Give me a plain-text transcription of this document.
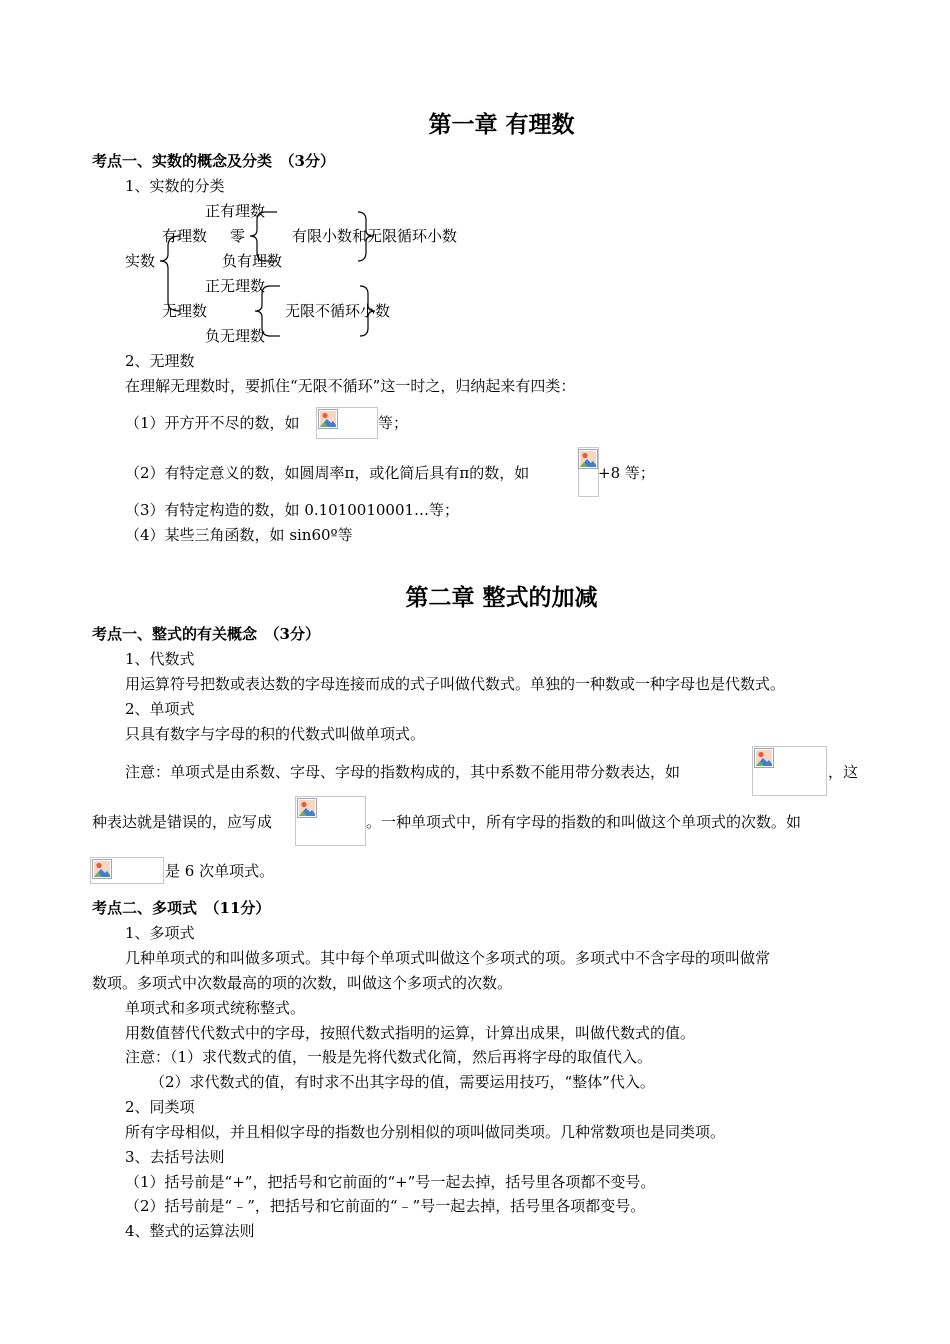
第一章 有理数
考点一、实数的概念及分类　（3分）
1、实数的分类
实数
有理数
正有理数
零
负有理数
有限小数和无限循环小数
正无理数
无理数	无限不循环小数
负无理数
2、无理数
在理解无理数时，要抓住“无限不循环”这一时之，归纳起来有四类：
（1）开方开不尽的数，如	等；
（2）有特定意义的数，如圆周率π，或化简后具有π的数，如	+8 等；
（3）有特定构造的数，如 0.1010010001…等；
（4）某些三角函数，如 sin60º等
第二章 整式的加减
考点一、整式的有关概念　（3分）
1、代数式
用运算符号把数或表达数的字母连接而成的式子叫做代数式。单独的一种数或一种字母也是代数式。
2、单项式
只具有数字与字母的积的代数式叫做单项式。
注意：单项式是由系数、字母、字母的指数构成的，其中系数不能用带分数表达，如	，这
种表达就是错误的，应写成	。一种单项式中，所有字母的指数的和叫做这个单项式的次数。如
是 6 次单项式。
考点二、多项式　（11分）
1、多项式
几种单项式的和叫做多项式。其中每个单项式叫做这个多项式的项。多项式中不含字母的项叫做常
数项。多项式中次数最高的项的次数，叫做这个多项式的次数。
单项式和多项式统称整式。
用数值替代代数式中的字母，按照代数式指明的运算，计算出成果，叫做代数式的值。
注意：（1）求代数式的值，一般是先将代数式化简，然后再将字母的取值代入。
（2）求代数式的值，有时求不出其字母的值，需要运用技巧，“整体”代入。
2、同类项
所有字母相似，并且相似字母的指数也分别相似的项叫做同类项。几种常数项也是同类项。
3、去括号法则
（1）括号前是“+”，把括号和它前面的“+”号一起去掉，括号里各项都不变号。
（2）括号前是“﹣”，把括号和它前面的“﹣”号一起去掉，括号里各项都变号。
4、整式的运算法则
